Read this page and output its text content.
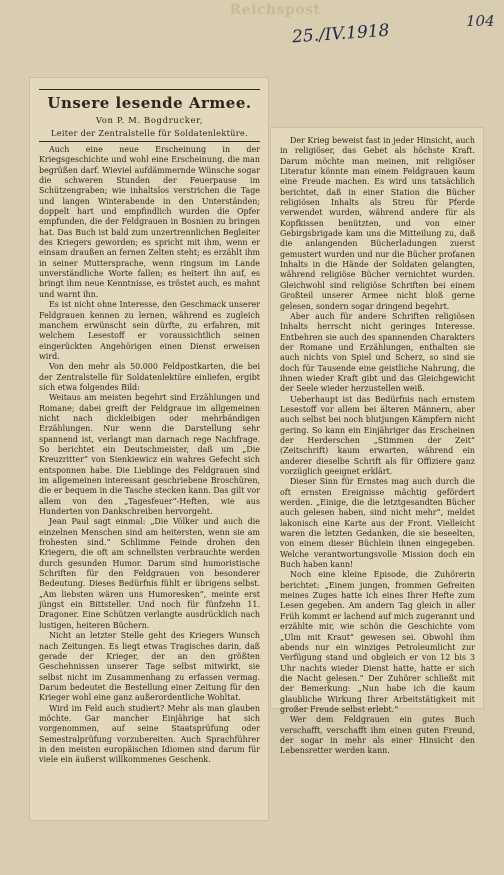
Reichspost
25./IV.1918	104
Unsere lesende Armee.
Von P. M. Bogdrucker,
Leiter der Zentralstelle für Soldatenlektüre.

Auch eine neue Erscheinung in der Kriegsgeschichte und wohl eine Erscheinung, die man begrüßen darf. Wieviel aufdämmernde Wünsche sogar die schweren Stunden der Feuerpause im Schützengraben; wie inhaltslos verstrichen die Tage und langen Winterabende in den Unterständen; doppelt hart und empfindlich wurden die Opfer empfunden, die der Feldgrauen in Bosnien zu bringen hat. Das Buch ist bald zum unzertrennlichen Begleiter des Kriegers geworden; es spricht mit ihm, wenn er einsam draußen an fernen Zelten steht; es erzählt ihm in seiner Muttersprache, wenn ringsum im Lande unverständliche Worte fallen; es heitert ihn auf, es bringt ihm neue Kenntnisse, es tröstet auch, es mahnt und warnt ihn.

Es ist nicht ohne Interesse, den Geschmack unserer Feldgrauen kennen zu lernen, während es zugleich manchem erwünscht sein dürfte, zu erfahren, mit welchem Lesestoff er voraussichtlich seinen eingerückten Angehörigen einen Dienst erweisen wird.

Von den mehr als 50.000 Feldpostkarten, die bei der Zentralstelle für Soldatenlektüre einliefen, ergibt sich etwa folgendes Bild:

Weitaus am meisten begehrt sind Erzählungen und Romane; dabei greift der Feldgraue im allgemeinen nicht nach dickleibigen oder mehrbändigen Erzählungen. Nur wenn die Darstellung sehr spannend ist, verlangt man darnach rege Nachfrage. So berichtet ein Deutschmeister, daß um „Die Kreuzritter“ von Sienkiewicz ein wahres Gefecht sich entsponnen habe. Die Lieblinge des Feldgrauen sind im allgemeinen interessant geschriebene Broschüren, die er bequem in die Tasche stecken kann. Das gilt vor allem von den „Tagesfeuer“-Heften, wie aus Hunderten von Dankschreiben hervorgeht.

Jean Paul sagt einmal: „Die Völker und auch die einzelnen Menschen sind am heitersten, wenn sie am frohesten sind.“ Schlimme Feinde drohen den Kriegern, die oft am schnellsten verbrauchte werden durch gesunden Humor. Darum sind humoristische Schriften für den Feldgrauen von besonderer Bedeutung. Dieses Bedürfnis fühlt er übrigens selbst. „Am liebsten wären uns Humoresken“, meinte erst jüngst ein Bittsteller. Und noch für fünfzehn 11. Dragoner. Eine Schützen verlangte ausdrücklich nach lustigen, heiteren Büchern.

Nicht an letzter Stelle geht des Kriegers Wunsch nach Zeitungen. Es liegt etwas Tragisches darin, daß gerade der Krieger, der an den größten Geschehnissen unserer Tage selbst mitwirkt, sie selbst nicht im Zusammenhang zu erfassen vermag. Darum bedeutet die Bestellung einer Zeitung für den Krieger wohl eine ganz außerordentliche Wohltat.

Wird im Feld auch studiert? Mehr als man glauben möchte. Gar mancher Einjährige hat sich vorgenommen, auf seine Staatsprüfung oder Semestralprüfung vorzubereiten. Auch Sprachführer in den meisten europäischen Idiomen sind darum für viele ein äußerst willkommenes Geschenk.

Der Krieg beweist fast in jeder Hinsicht, auch in religiöser, das Gebet als höchste Kraft. Darum möchte man meinen, mit religiöser Literatur könnte man einem Feldgrauen kaum eine Freude machen. Es wird uns tatsächlich berichtet, daß in einer Station die Bücher religiösen Inhalts als Streu für Pferde verwendet wurden, während andere für als Kopfkissen benützten, und von einer Gebirgsbrigade kam uns die Mitteilung zu, daß die anlangenden Bücherladungen zuerst gemustert wurden und nur die Bücher profanen Inhalts in die Hände der Soldaten gelangten, während religiöse Bücher vernichtet wurden. Gleichwohl sind religiöse Schriften bei einem Großteil unserer Armee nicht bloß gerne gelesen, sondern sogar dringend begehrt.

Aber auch für andere Schriften religiösen Inhalts herrscht nicht geringes Interesse. Entbehren sie auch des spannenden Charakters der Romane und Erzählungen, enthalten sie auch nichts von Spiel und Scherz, so sind sie doch für Tausende eine geistliche Nahrung, die ihnen wieder Kraft gibt und das Gleichgewicht der Seele wieder herzustellen weiß.

Ueberhaupt ist das Bedürfnis nach ernstem Lesestoff vor allem bei älteren Männern, aber auch selbst bei noch blutjungen Kämpfern nicht gering. So kann ein Einjähriger das Erscheinen der Herderschen „Stimmen der Zeit“ (Zeitschrift) kaum erwarten, während ein anderer dieselbe Schrift als für Offiziere ganz vorzüglich geeignet erklärt.

Dieser Sinn für Ernstes mag auch durch die oft ernsten Ereignisse mächtig gefördert werden. „Einige, die die letztgesandten Bücher auch gelesen haben, sind nicht mehr“, meldet lakonisch eine Karte aus der Front. Vielleicht waren die letzten Gedanken, die sie beseelten, von einem dieser Büchlein ihnen eingegeben. Welche verantwortungsvolle Mission doch ein Buch haben kann!

Noch eine kleine Episode, die Zuhörerin berichtet: „Einem jungen, frommen Gefreiten meines Zuges hatte ich eines Ihrer Hefte zum Lesen gegeben. Am andern Tag gleich in aller Früh kommt er lachend auf mich zugerannt und erzählte mir, wie schön die Geschichte vom „Ulm mit Kraut“ gewesen sei. Obwohl ihm abends nur ein winziges Petroleumlicht zur Verfügung stand und obgleich er von 12 bis 3 Uhr nachts wieder Dienst hatte, hatte er sich die Nacht gelesen.“ Der Zuhörer schließt mit der Bemerkung: „Nun habe ich die kaum glaubliche Wirkung Ihrer Arbeitstätigkeit mit großer Freude selbst erlebt.“

Wer dem Feldgrauen ein gutes Buch verschafft, verschafft ihm einen guten Freund, der sogar in mehr als einer Hinsicht den Lebensretter werden kann.
